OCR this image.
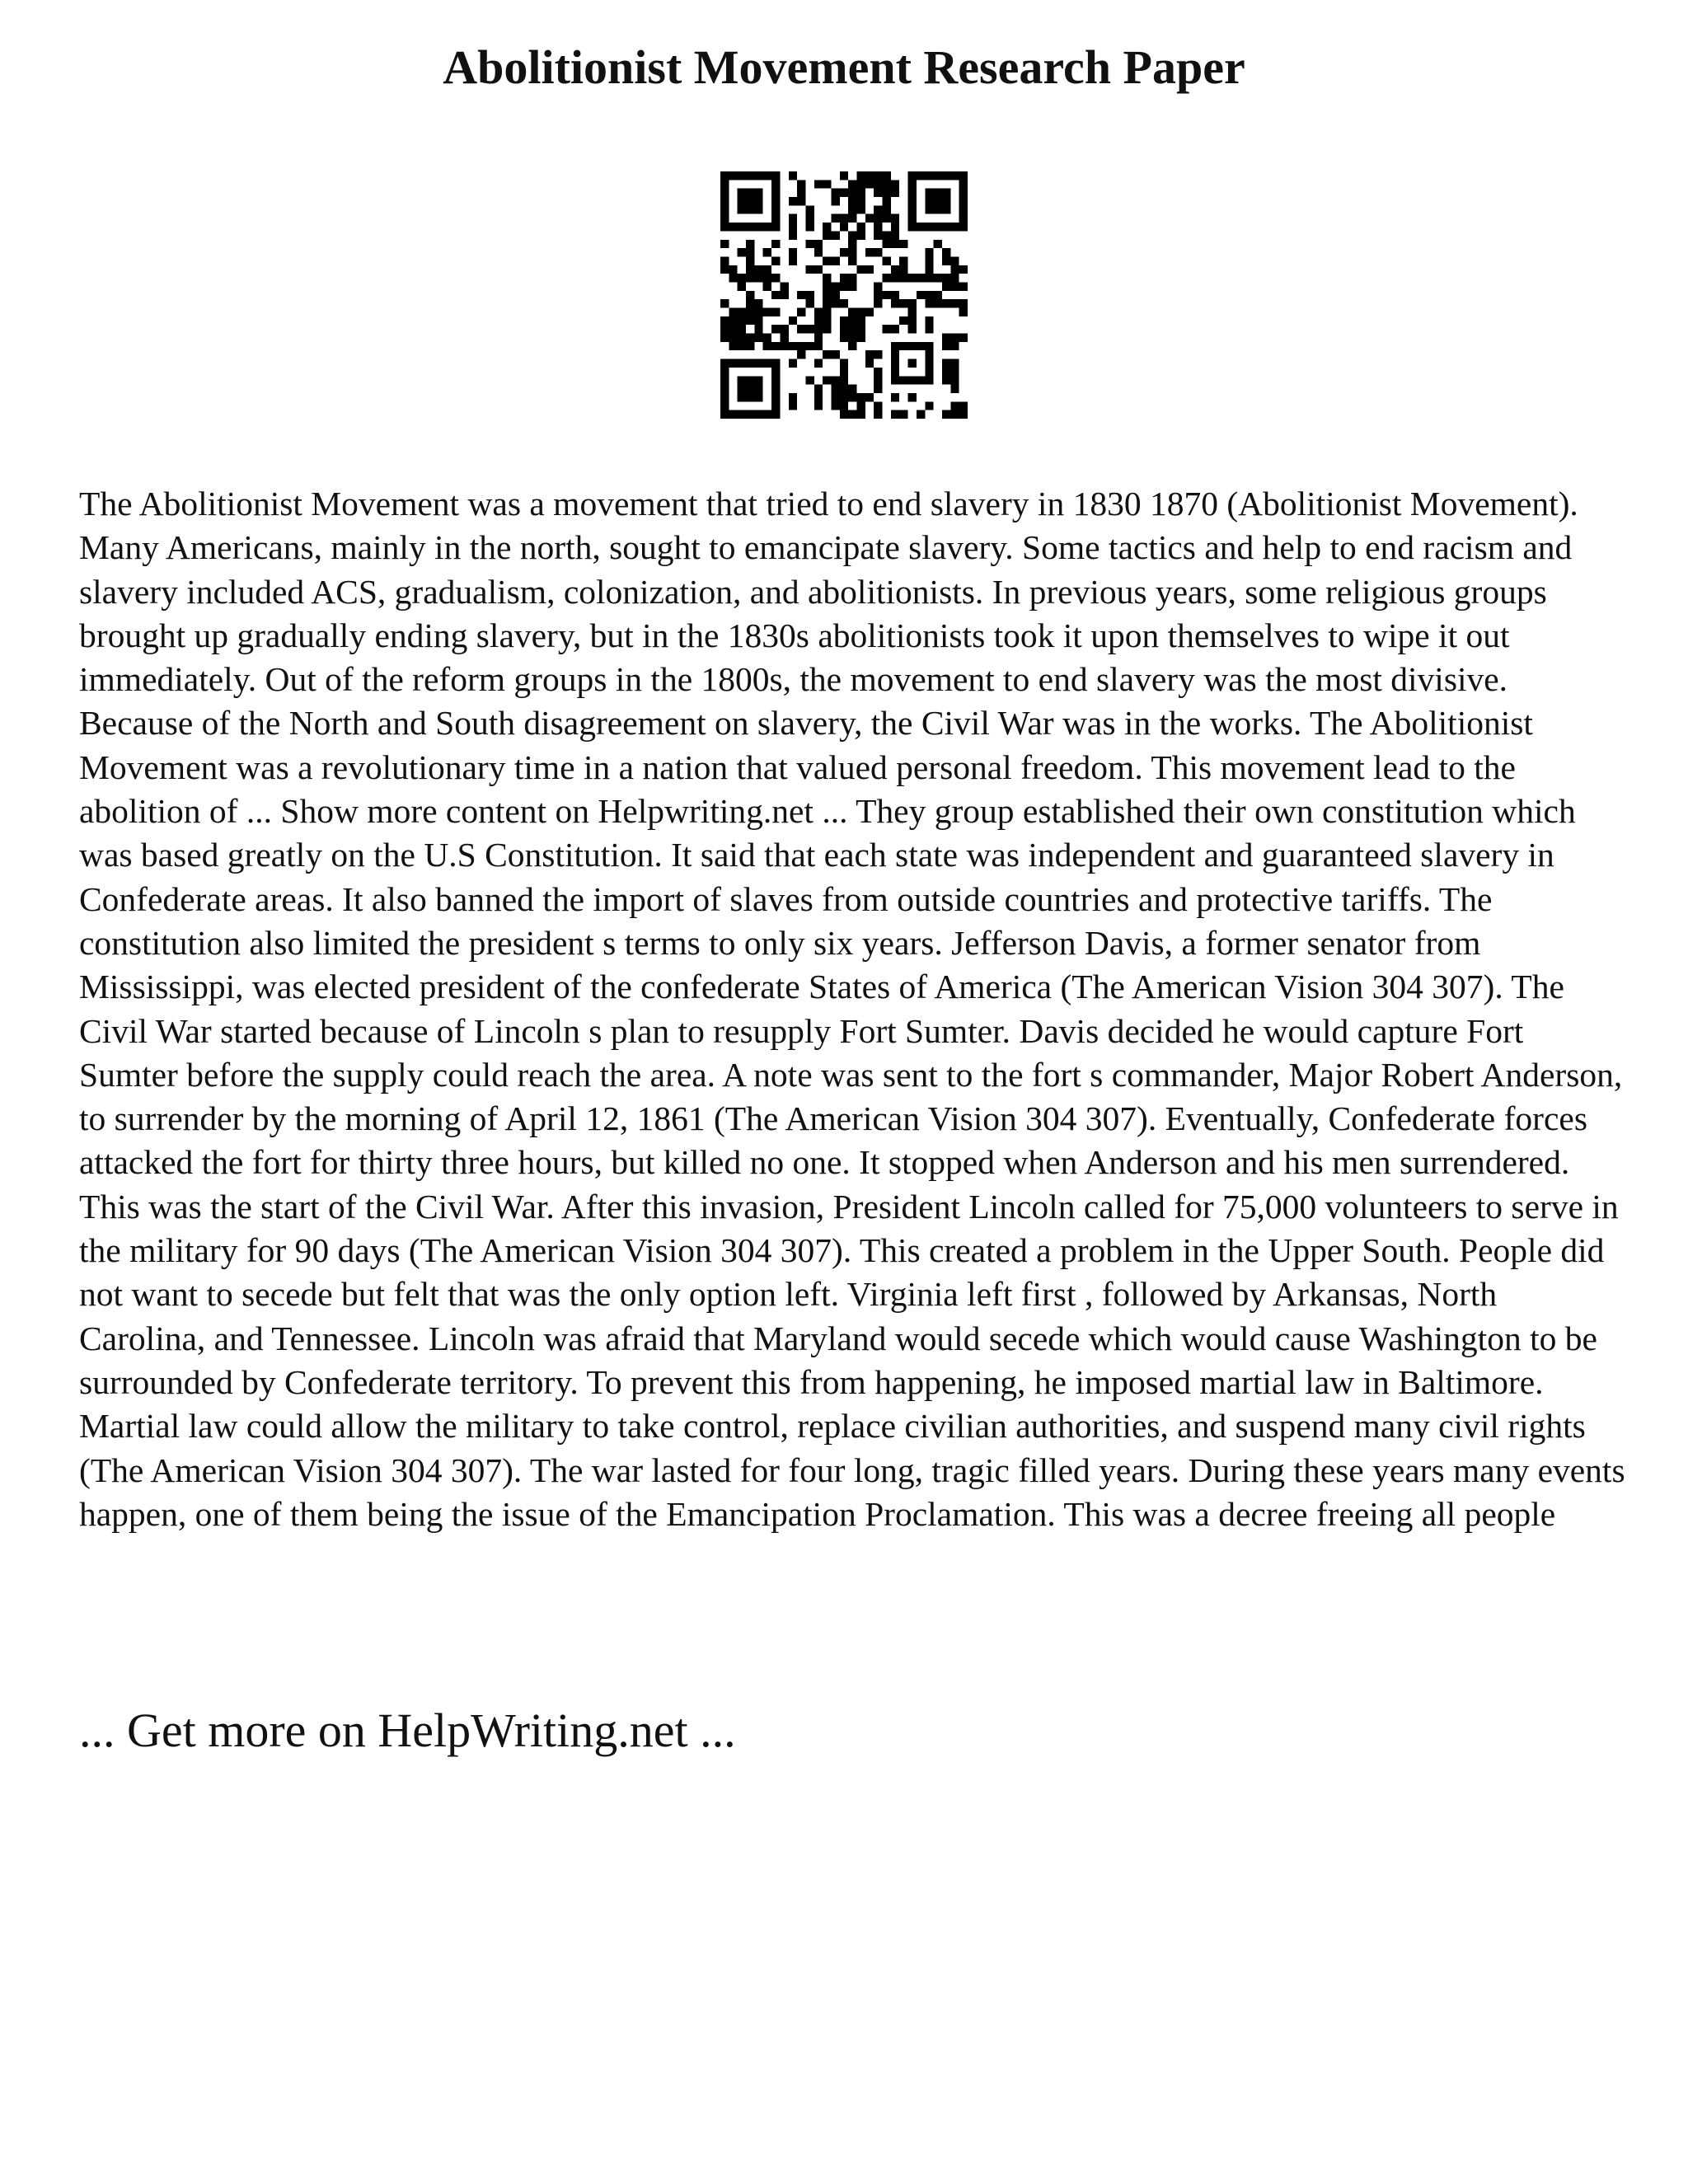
Abolitionist Movement Research Paper

The Abolitionist Movement was a movement that tried to end slavery in 1830 1870 (Abolitionist Movement). Many Americans, mainly in the north, sought to emancipate slavery. Some tactics and help to end racism and slavery included ACS, gradualism, colonization, and abolitionists. In previous years, some religious groups brought up gradually ending slavery, but in the 1830s abolitionists took it upon themselves to wipe it out immediately. Out of the reform groups in the 1800s, the movement to end slavery was the most divisive. Because of the North and South disagreement on slavery, the Civil War was in the works. The Abolitionist Movement was a revolutionary time in a nation that valued personal freedom. This movement lead to the abolition of ... Show more content on Helpwriting.net ... They group established their own constitution which was based greatly on the U.S Constitution. It said that each state was independent and guaranteed slavery in Confederate areas. It also banned the import of slaves from outside countries and protective tariffs. The constitution also limited the president s terms to only six years. Jefferson Davis, a former senator from Mississippi, was elected president of the confederate States of America (The American Vision 304 307). The Civil War started because of Lincoln s plan to resupply Fort Sumter. Davis decided he would capture Fort Sumter before the supply could reach the area. A note was sent to the fort s commander, Major Robert Anderson, to surrender by the morning of April 12, 1861 (The American Vision 304 307). Eventually, Confederate forces attacked the fort for thirty three hours, but killed no one. It stopped when Anderson and his men surrendered. This was the start of the Civil War. After this invasion, President Lincoln called for 75,000 volunteers to serve in the military for 90 days (The American Vision 304 307). This created a problem in the Upper South. People did not want to secede but felt that was the only option left. Virginia left first , followed by Arkansas, North Carolina, and Tennessee. Lincoln was afraid that Maryland would secede which would cause Washington to be surrounded by Confederate territory. To prevent this from happening, he imposed martial law in Baltimore. Martial law could allow the military to take control, replace civilian authorities, and suspend many civil rights (The American Vision 304 307). The war lasted for four long, tragic filled years. During these years many events happen, one of them being the issue of the Emancipation Proclamation. This was a decree freeing all people

... Get more on HelpWriting.net ...
